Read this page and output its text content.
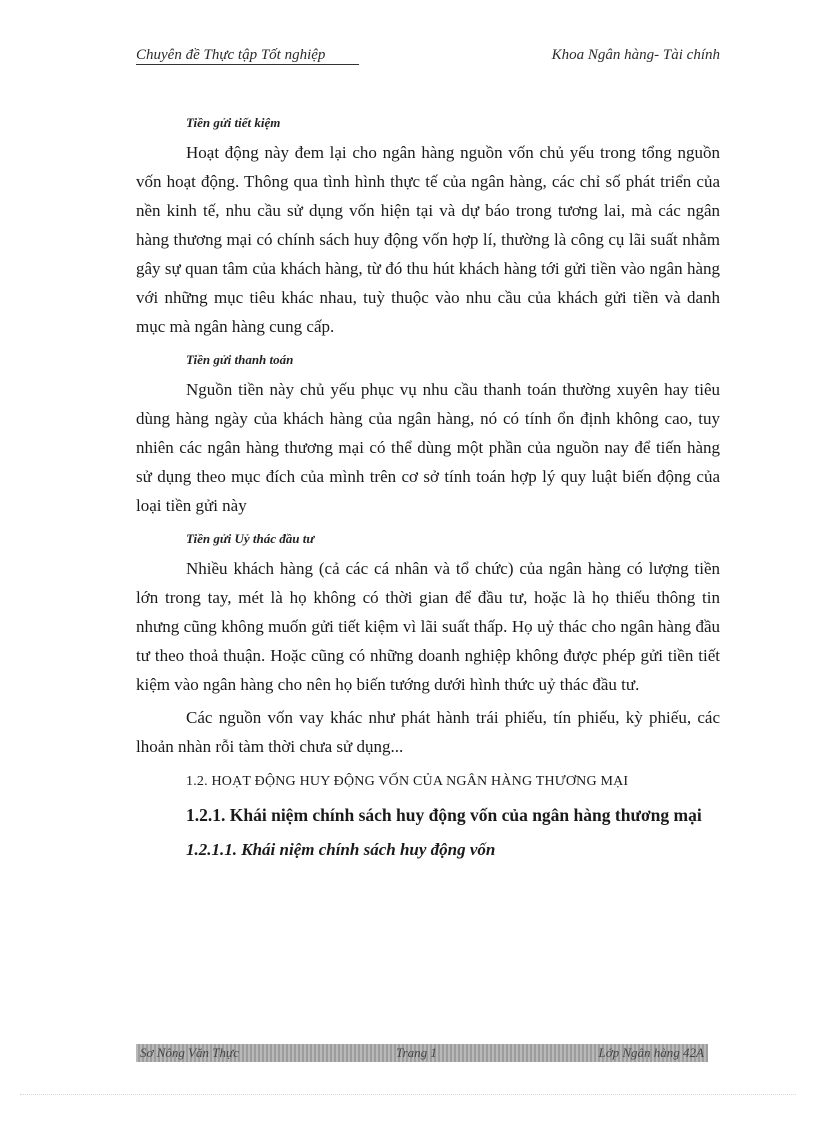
Chuyên đề Thực tập Tốt nghiệp	Khoa Ngân hàng- Tài chính
Tiền gửi tiết kiệm

Hoạt động này đem lại cho ngân hàng nguồn vốn chủ yếu trong tổng nguồn vốn hoạt động. Thông qua tình hình thực tế của ngân hàng, các chỉ số phát triển của nền kinh tế, nhu cầu sử dụng vốn hiện tại và dự báo trong tương lai, mà các ngân hàng thương mại có chính sách huy động vốn hợp lí, thường là công cụ lãi suất nhằm gây sự quan tâm của khách hàng, từ đó thu hút khách hàng tới gửi tiền vào ngân hàng với những mục tiêu khác nhau, tuỳ thuộc vào nhu cầu của khách gửi tiền và danh mục mà ngân hàng cung cấp.

Tiền gửi thanh toán

Nguồn tiền này chủ yếu phục vụ nhu cầu thanh toán thường xuyên hay tiêu dùng hàng ngày của khách hàng của ngân hàng, nó có tính ổn định không cao, tuy nhiên các ngân hàng thương mại có thể dùng một phần của nguồn nay để tiến hàng sử dụng theo mục đích của mình trên cơ sở tính toán hợp lý quy luật biến động của loại tiền gửi này

Tiền gửi Uỷ thác đầu tư

Nhiều khách hàng (cả các cá nhân và tổ chức) của ngân hàng có lượng tiền lớn trong tay, mét là họ không có thời gian để đầu tư, hoặc là họ thiếu thông tin nhưng cũng không muốn gửi tiết kiệm vì lãi suất thấp. Họ uỷ thác cho ngân hàng đầu tư theo thoả thuận. Hoặc cũng có những doanh nghiệp không được phép gửi tiền tiết kiệm vào ngân hàng cho nên họ biến tướng dưới hình thức uỷ thác đầu tư.

Các nguồn vốn vay khác như phát hành trái phiếu, tín phiếu, kỳ phiếu, các lhoản nhàn rỗi tàm thời chưa sử dụng...

1.2. HOẠT ĐỘNG HUY ĐỘNG VỐN CỦA NGÂN HÀNG THƯƠNG MẠI
1.2.1. Khái niệm chính sách huy động vốn của ngân hàng thương mại
1.2.1.1. Khái niệm chính sách huy động vốn
Sơ Nông Văn Thực	Trang 1	Lớp Ngân hàng 42A
